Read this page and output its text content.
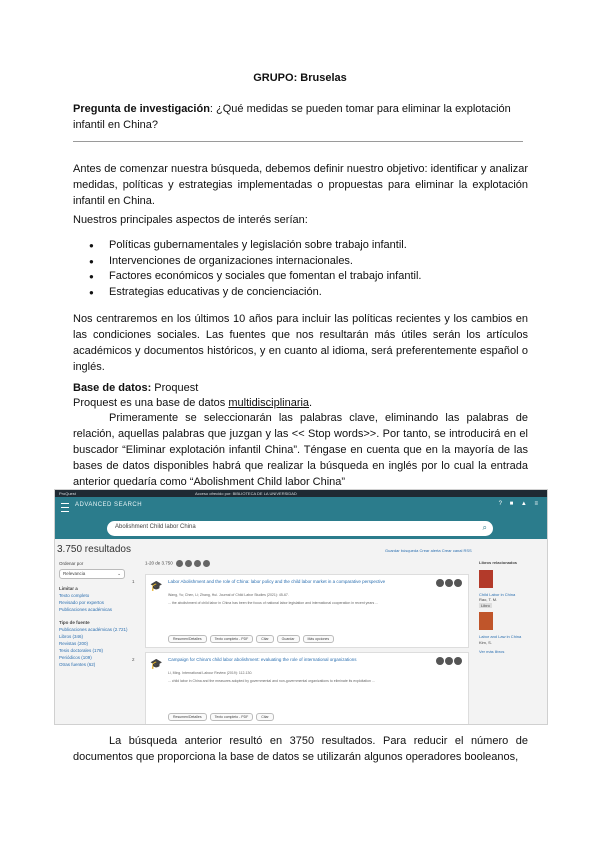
GRUPO: Bruselas
Pregunta de investigación: ¿Qué medidas se pueden tomar para eliminar la explotación infantil en China?
Antes de comenzar nuestra búsqueda, debemos definir nuestro objetivo: identificar y analizar medidas, políticas y estrategias implementadas o propuestas para eliminar la explotación infantil en China.
Nuestros principales aspectos de interés serían:
● Políticas gubernamentales y legislación sobre trabajo infantil.
● Intervenciones de organizaciones internacionales.
● Factores económicos y sociales que fomentan el trabajo infantil.
● Estrategias educativas y de concienciación.
Nos centraremos en los últimos 10 años para incluir las políticas recientes y los cambios en las condiciones sociales. Las fuentes que nos resultarán más útiles serán los artículos académicos y documentos históricos, y en cuanto al idioma, será preferentemente español o inglés.
Base de datos: Proquest
Proquest es una base de datos multidisciplinaria.
Primeramente se seleccionarán las palabras clave, eliminando las palabras de relación, aquellas palabras que juzgan y las << Stop words>>. Por tanto, se introducirá en el buscador “Eliminar explotación infantil China”. Téngase en cuenta que en la mayoría de las bases de datos disponibles habrá que realizar la búsqueda en inglés por lo cual la entrada anterior quedaría como “Abolishment Child labor China”
ProQuest	Acceso ofrecido por: BIBLIOTECA DE LA UNIVERSIDAD
ADVANCED SEARCH	? ■ ▲ ≡
Abolishment Child labor China	⌕
3.750 resultados	Guardar búsqueda Crear alerta Crear canal RSS
Ordenar por
Relevancia	⌄
Limitar a
Texto completo
Revisado por expertos
Publicaciones académicas
Tipo de fuente
Publicaciones académicas (2.721)
Libros (346)
Revistas (200)
Tesis doctorales (178)
Periódicos (109)
Otras fuentes (62)
1-20 de 3.750
1 🎓 Labor Abolishment and the role of China: labor policy and the child labor market in a comparative perspective
Wang, Yu; Chen, Li; Zhang, Hui. Journal of Child Labor Studies (2021): 45-67.
... the abolishment of child labor in China has been the focus of national labor legislation and international cooperation in recent years ...
Resumen/Detalles	Texto completo - PDF	Citar	Guardar	Más opciones
2 🎓 Campaign for China's child labor abolishment: evaluating the role of international organizations
Li, Ming. International Labour Review (2019): 112-130.
... child labor in China and the measures adopted by governmental and non-governmental organizations to eliminate its exploitation ...
Resumen/Detalles	Texto completo - PDF	Citar
Libros relacionados
Child Labor in China
Rao, T. M.
Libro
Labor and Law in China
Kim, S.
Ver más libros
La búsqueda anterior resultó en 3750 resultados. Para reducir el número de documentos que proporciona la base de datos se utilizarán algunos operadores booleanos,
